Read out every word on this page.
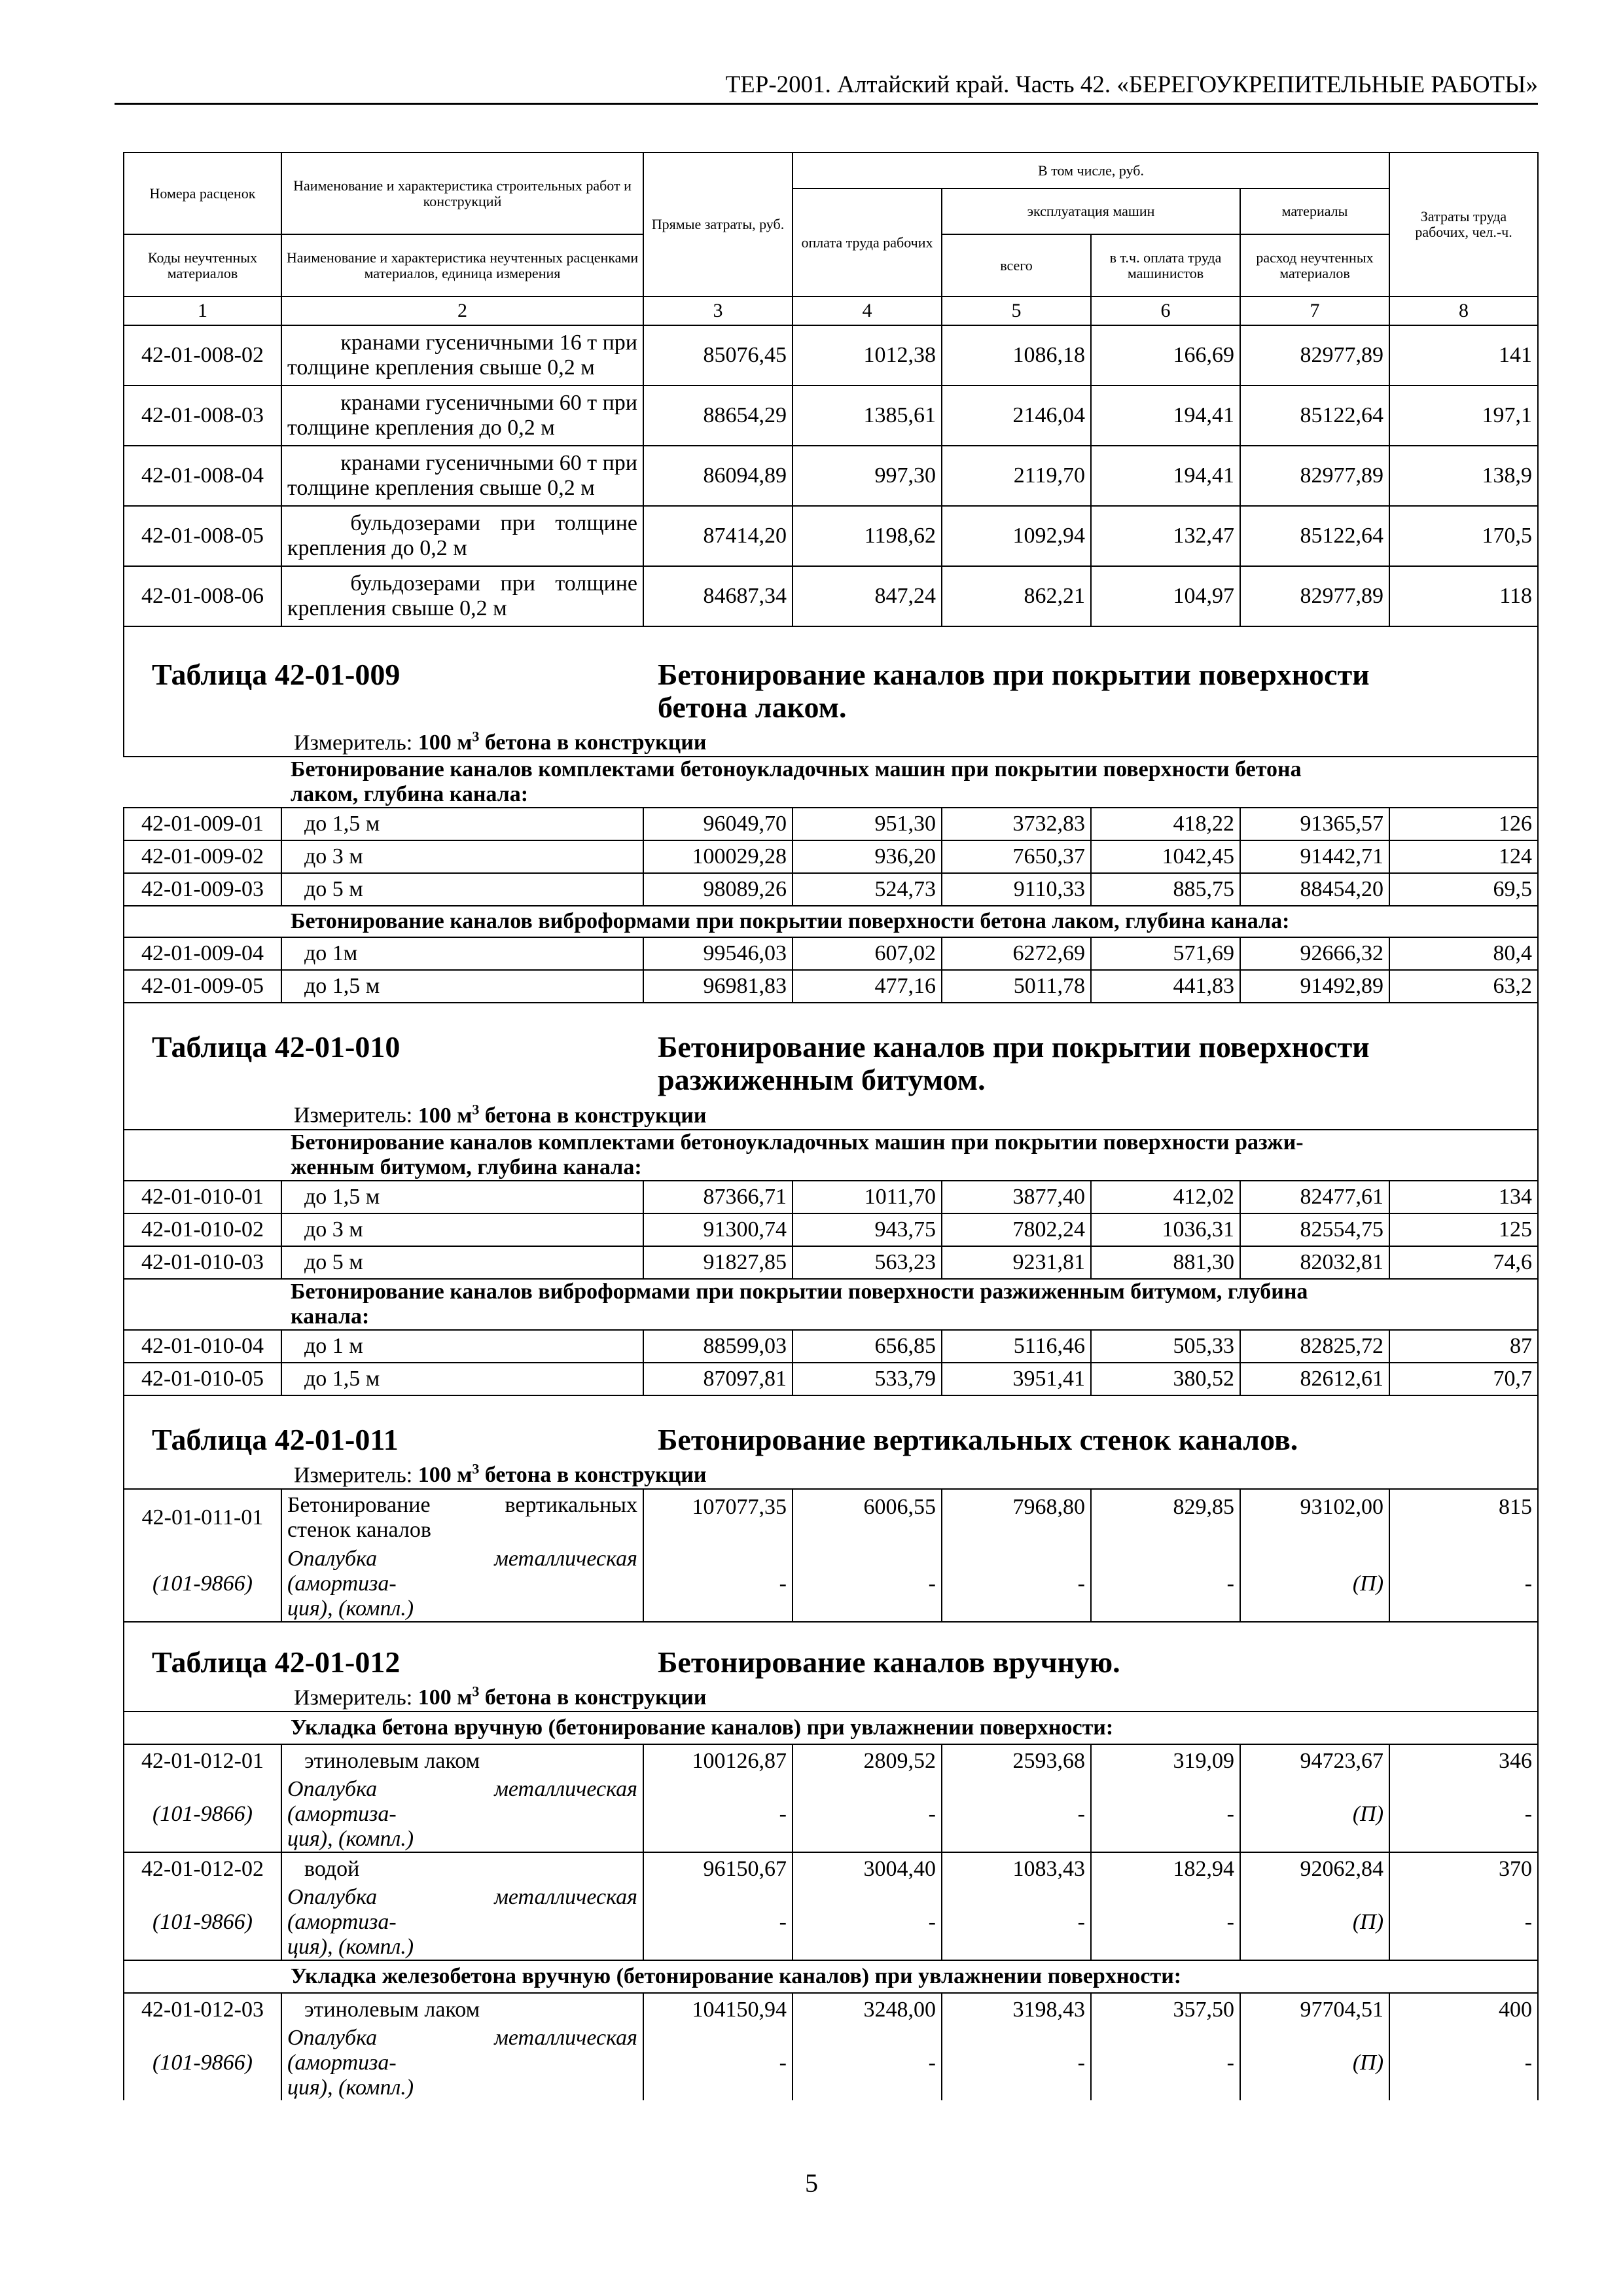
ТЕР-2001. Алтайский край. Часть 42. «БЕРЕГОУКРЕПИТЕЛЬНЫЕ РАБОТЫ»
Номера расценок	Наименование и характеристика строительных работ и конструкций	Прямые затраты, руб.	В том числе, руб.				Затраты труда рабочих, чел.-ч.
			оплата труда рабочих	эксплуатация машин		материалы	
				всего	в т.ч. оплата труда машинистов	расход неучтенных материалов	
Коды неучтенных материалов	Наименование и характеристика неучтенных расценками материалов, единица измерения						
1	2	3	4	5	6	7	8
42-01-008-02	кранами гусеничными 16 т при
толщине крепления свыше 0,2 м	85076,45	1012,38	1086,18	166,69	82977,89	141
42-01-008-03	кранами гусеничными 60 т при
толщине крепления до 0,2 м	88654,29	1385,61	2146,04	194,41	85122,64	197,1
42-01-008-04	кранами гусеничными 60 т при
толщине крепления свыше 0,2 м	86094,89	997,30	2119,70	194,41	82977,89	138,9
42-01-008-05	бульдозерами при толщине
крепления до 0,2 м	87414,20	1198,62	1092,94	132,47	85122,64	170,5
42-01-008-06	бульдозерами при толщине
крепления свыше 0,2 м	84687,34	847,24	862,21	104,97	82977,89	118

Таблица 42-01-009 Бетонирование каналов при покрытии поверхности
бетона лаком.
Измеритель: 100 $м^3$ бетона в конструкции							

	Бетонирование каналов комплектами бетоноукладочных машин при покрытии поверхности бетона
лаком, глубина канала:						

42-01-009-01	до 1,5 м	96049,70	951,30	3732,83	418,22	91365,57	126
42-01-009-02	до 3 м	100029,28	936,20	7650,37	1042,45	91442,71	124
42-01-009-03	до 5 м	98089,26	524,73	9110,33	885,75	88454,20	69,5
	Бетонирование каналов виброформами при покрытии поверхности бетона лаком, глубина канала:						
42-01-009-04	до 1м	99546,03	607,02	6272,69	571,69	92666,32	80,4
42-01-009-05	до 1,5 м	96981,83	477,16	5011,78	441,83	91492,89	63,2

Таблица 42-01-010 Бетонирование каналов при покрытии поверхности
разжиженным битумом.
Измеритель: 100 $м^3$ бетона в конструкции							

	Бетонирование каналов комплектами бетоноукладочных машин при покрытии поверхности разжи-
женным битумом, глубина канала:						

42-01-010-01	до 1,5 м	87366,71	1011,70	3877,40	412,02	82477,61	134
42-01-010-02	до 3 м	91300,74	943,75	7802,24	1036,31	82554,75	125
42-01-010-03	до 5 м	91827,85	563,23	9231,81	881,30	82032,81	74,6

	Бетонирование каналов виброформами при покрытии поверхности разжиженным битумом, глубина
канала:						

42-01-010-04	до 1 м	88599,03	656,85	5116,46	505,33	82825,72	87
42-01-010-05	до 1,5 м	87097,81	533,79	3951,41	380,52	82612,61	70,7

Таблица 42-01-011 Бетонирование вертикальных стенок каналов.
Измеритель: 100 $м^3$ бетона в конструкции							

42-01-011-01	Бетонирование вертикальных
стенок каналов	107077,35	6006,55	7968,80	829,85	93102,00	815
(101-9866)	Опалубка металлическая (амортиза-
ция), (компл.)	-	-	-	-	(П)	-

Таблица 42-01-012 Бетонирование каналов вручную.
Измеритель: 100 $м^3$ бетона в конструкции							

	Укладка бетона вручную (бетонирование каналов) при увлажнении поверхности:						
42-01-012-01	этинолевым лаком	100126,87	2809,52	2593,68	319,09	94723,67	346
(101-9866)	Опалубка металлическая (амортиза-
ция), (компл.)	-	-	-	-	(П)	-
42-01-012-02	водой	96150,67	3004,40	1083,43	182,94	92062,84	370
(101-9866)	Опалубка металлическая (амортиза-
ция), (компл.)	-	-	-	-	(П)	-
	Укладка железобетона вручную (бетонирование каналов) при увлажнении поверхности:						
42-01-012-03	этинолевым лаком	104150,94	3248,00	3198,43	357,50	97704,51	400
(101-9866)	Опалубка металлическая (амортиза-
ция), (компл.)	-	-	-	-	(П)	-
5
